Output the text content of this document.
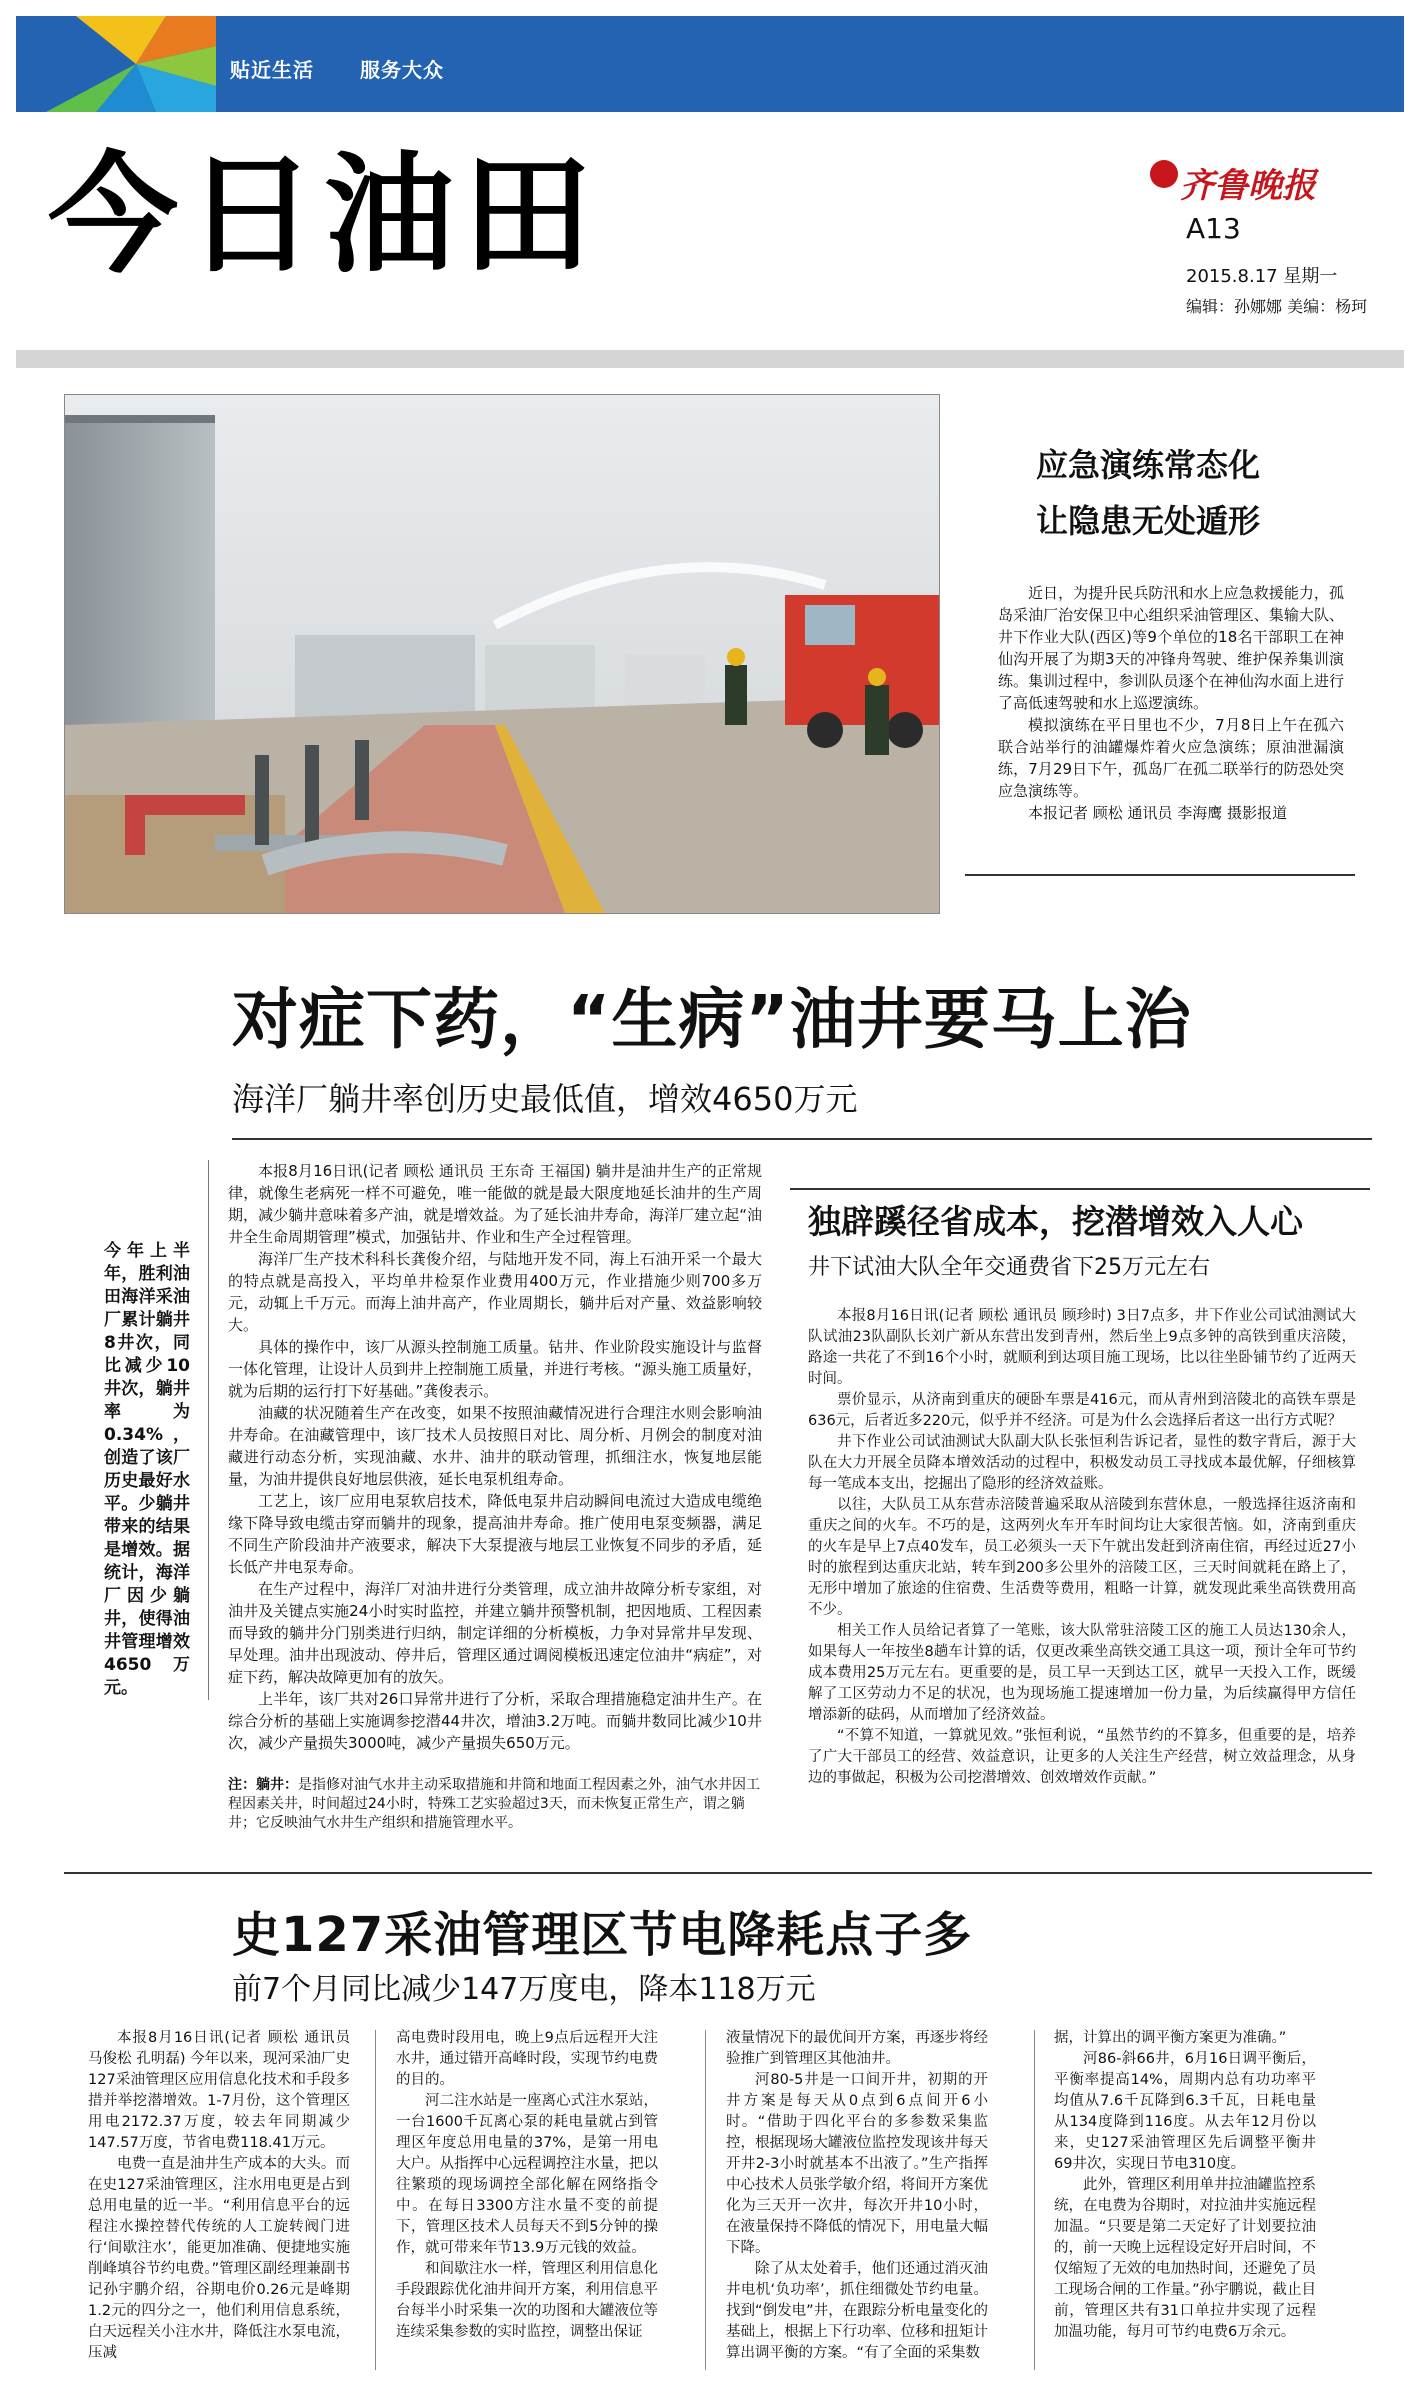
贴近生活 服务大众
今日油田	齐鲁晚报
A13
2015.8.17 星期一
编辑：孙娜娜 美编：杨珂
应急演练常态化
让隐患无处遁形

近日，为提升民兵防汛和水上应急救援能力，孤岛采油厂治安保卫中心组织采油管理区、集输大队、井下作业大队(西区)等9个单位的18名干部职工在神仙沟开展了为期3天的冲锋舟驾驶、维护保养集训演练。集训过程中，参训队员逐个在神仙沟水面上进行了高低速驾驶和水上巡逻演练。

模拟演练在平日里也不少，7月8日上午在孤六联合站举行的油罐爆炸着火应急演练；原油泄漏演练，7月29日下午，孤岛厂在孤二联举行的防恐处突应急演练等。

本报记者 顾松 通讯员 李海鹰 摄影报道

对症下药，“生病”油井要马上治
海洋厂躺井率创历史最低值，增效4650万元
今年上半年，胜利油田海洋采油厂累计躺井8井次，同比减少10井次，躺井率为0.34%，创造了该厂历史最好水平。少躺井带来的结果是增效。据统计，海洋厂因少躺井，使得油井管理增效4650万元。

本报8月16日讯(记者 顾松 通讯员 王东奇 王福国) 躺井是油井生产的正常规律，就像生老病死一样不可避免，唯一能做的就是最大限度地延长油井的生产周期，减少躺井意味着多产油，就是增效益。为了延长油井寿命，海洋厂建立起“油井全生命周期管理”模式，加强钻井、作业和生产全过程管理。

海洋厂生产技术科科长龚俊介绍，与陆地开发不同，海上石油开采一个最大的特点就是高投入，平均单井检泵作业费用400万元，作业措施少则700多万元，动辄上千万元。而海上油井高产，作业周期长，躺井后对产量、效益影响较大。

具体的操作中，该厂从源头控制施工质量。钻井、作业阶段实施设计与监督一体化管理，让设计人员到井上控制施工质量，并进行考核。“源头施工质量好，就为后期的运行打下好基础。”龚俊表示。

油藏的状况随着生产在改变，如果不按照油藏情况进行合理注水则会影响油井寿命。在油藏管理中，该厂技术人员按照日对比、周分析、月例会的制度对油藏进行动态分析，实现油藏、水井、油井的联动管理，抓细注水，恢复地层能量，为油井提供良好地层供液，延长电泵机组寿命。

工艺上，该厂应用电泵软启技术，降低电泵井启动瞬间电流过大造成电缆绝缘下降导致电缆击穿而躺井的现象，提高油井寿命。推广使用电泵变频器，满足不同生产阶段油井产液要求，解决下大泵提液与地层工业恢复不同步的矛盾，延长低产井电泵寿命。

在生产过程中，海洋厂对油井进行分类管理，成立油井故障分析专家组，对油井及关键点实施24小时实时监控，并建立躺井预警机制，把因地质、工程因素而导致的躺井分门别类进行归纳，制定详细的分析模板，力争对异常井早发现、早处理。油井出现波动、停井后，管理区通过调阅模板迅速定位油井“病症”，对症下药，解决故障更加有的放矢。

上半年，该厂共对26口异常井进行了分析，采取合理措施稳定油井生产。在综合分析的基础上实施调参挖潜44井次，增油3.2万吨。而躺井数同比减少10井次，减少产量损失3000吨，减少产量损失650万元。

注：躺井：是指修对油气水井主动采取措施和井筒和地面工程因素之外，油气水井因工程因素关井，时间超过24小时，特殊工艺实验超过3天，而未恢复正常生产，谓之躺井；它反映油气水井生产组织和措施管理水平。
独辟蹊径省成本，挖潜增效入人心
井下试油大队全年交通费省下25万元左右

本报8月16日讯(记者 顾松 通讯员 顾珍时) 3日7点多，井下作业公司试油测试大队试油23队副队长刘广新从东营出发到青州，然后坐上9点多钟的高铁到重庆涪陵，路途一共花了不到16个小时，就顺利到达项目施工现场，比以往坐卧铺节约了近两天时间。

票价显示，从济南到重庆的硬卧车票是416元，而从青州到涪陵北的高铁车票是636元，后者近多220元，似乎并不经济。可是为什么会选择后者这一出行方式呢？

井下作业公司试油测试大队副大队长张恒利告诉记者，显性的数字背后，源于大队在大力开展全员降本增效活动的过程中，积极发动员工寻找成本最优解，仔细核算每一笔成本支出，挖掘出了隐形的经济效益账。

以往，大队员工从东营赤涪陵普遍采取从涪陵到东营休息，一般选择往返济南和重庆之间的火车。不巧的是，这两列火车开车时间均让大家很苦恼。如，济南到重庆的火车是早上7点40发车，员工必须头一天下午就出发赶到济南住宿，再经过近27小时的旅程到达重庆北站，转车到200多公里外的涪陵工区，三天时间就耗在路上了，无形中增加了旅途的住宿费、生活费等费用，粗略一计算，就发现此乘坐高铁费用高不少。

相关工作人员给记者算了一笔账，该大队常驻涪陵工区的施工人员达130余人，如果每人一年按坐8趟车计算的话，仅更改乘坐高铁交通工具这一项，预计全年可节约成本费用25万元左右。更重要的是，员工早一天到达工区，就早一天投入工作，既缓解了工区劳动力不足的状况，也为现场施工提速增加一份力量，为后续赢得甲方信任增添新的砝码，从而增加了经济效益。

“不算不知道，一算就见效。”张恒利说，“虽然节约的不算多，但重要的是，培养了广大干部员工的经营、效益意识，让更多的人关注生产经营，树立效益理念，从身边的事做起，积极为公司挖潜增效、创效增效作贡献。”

史127采油管理区节电降耗点子多
前7个月同比减少147万度电，降本118万元

本报8月16日讯(记者 顾松 通讯员 马俊松 孔明磊) 今年以来，现河采油厂史127采油管理区应用信息化技术和手段多措并举挖潜增效。1-7月份，这个管理区用电2172.37万度，较去年同期减少147.57万度，节省电费118.41万元。

电费一直是油井生产成本的大头。而在史127采油管理区，注水用电更是占到总用电量的近一半。“利用信息平台的远程注水操控替代传统的人工旋转阀门进行‘间歇注水’，能更加准确、便捷地实施削峰填谷节约电费。”管理区副经理兼副书记孙宇鹏介绍，谷期电价0.26元是峰期1.2元的四分之一，他们利用信息系统，白天远程关小注水井，降低注水泵电流，压减

高电费时段用电，晚上9点后远程开大注水井，通过错开高峰时段，实现节约电费的目的。

河二注水站是一座离心式注水泵站，一台1600千瓦离心泵的耗电量就占到管理区年度总用电量的37%，是第一用电大户。从指挥中心远程调控注水量，把以往繁琐的现场调控全部化解在网络指令中。在每日3300方注水量不变的前提下，管理区技术人员每天不到5分钟的操作，就可带来年节13.9万元钱的效益。

和间歇注水一样，管理区利用信息化手段跟踪优化油井间开方案，利用信息平台每半小时采集一次的功图和大罐液位等连续采集参数的实时监控，调整出保证

液量情况下的最优间开方案，再逐步将经验推广到管理区其他油井。

河80-5井是一口间开井，初期的开井方案是每天从0点到6点间开6小时。“借助于四化平台的多参数采集监控，根据现场大罐液位监控发现该井每天开井2-3小时就基本不出液了。”生产指挥中心技术人员张学敏介绍，将间开方案优化为三天开一次井，每次开井10小时，在液量保持不降低的情况下，用电量大幅下降。

除了从太处着手，他们还通过消灭油井电机‘负功率’，抓住细微处节约电量。找到“倒发电”井，在跟踪分析电量变化的基础上，根据上下行功率、位移和扭矩计算出调平衡的方案。“有了全面的采集数

据，计算出的调平衡方案更为准确。”

河86-斜66井，6月16日调平衡后，平衡率提高14%，周期内总有功功率平均值从7.6千瓦降到6.3千瓦，日耗电量从134度降到116度。从去年12月份以来，史127采油管理区先后调整平衡井69井次，实现日节电310度。

此外，管理区利用单井拉油罐监控系统，在电费为谷期时，对拉油井实施远程加温。“只要是第二天定好了计划要拉油的，前一天晚上远程设定好开启时间，不仅缩短了无效的电加热时间，还避免了员工现场合闸的工作量。”孙宇鹏说，截止目前，管理区共有31口单拉井实现了远程加温功能，每月可节约电费6万余元。
